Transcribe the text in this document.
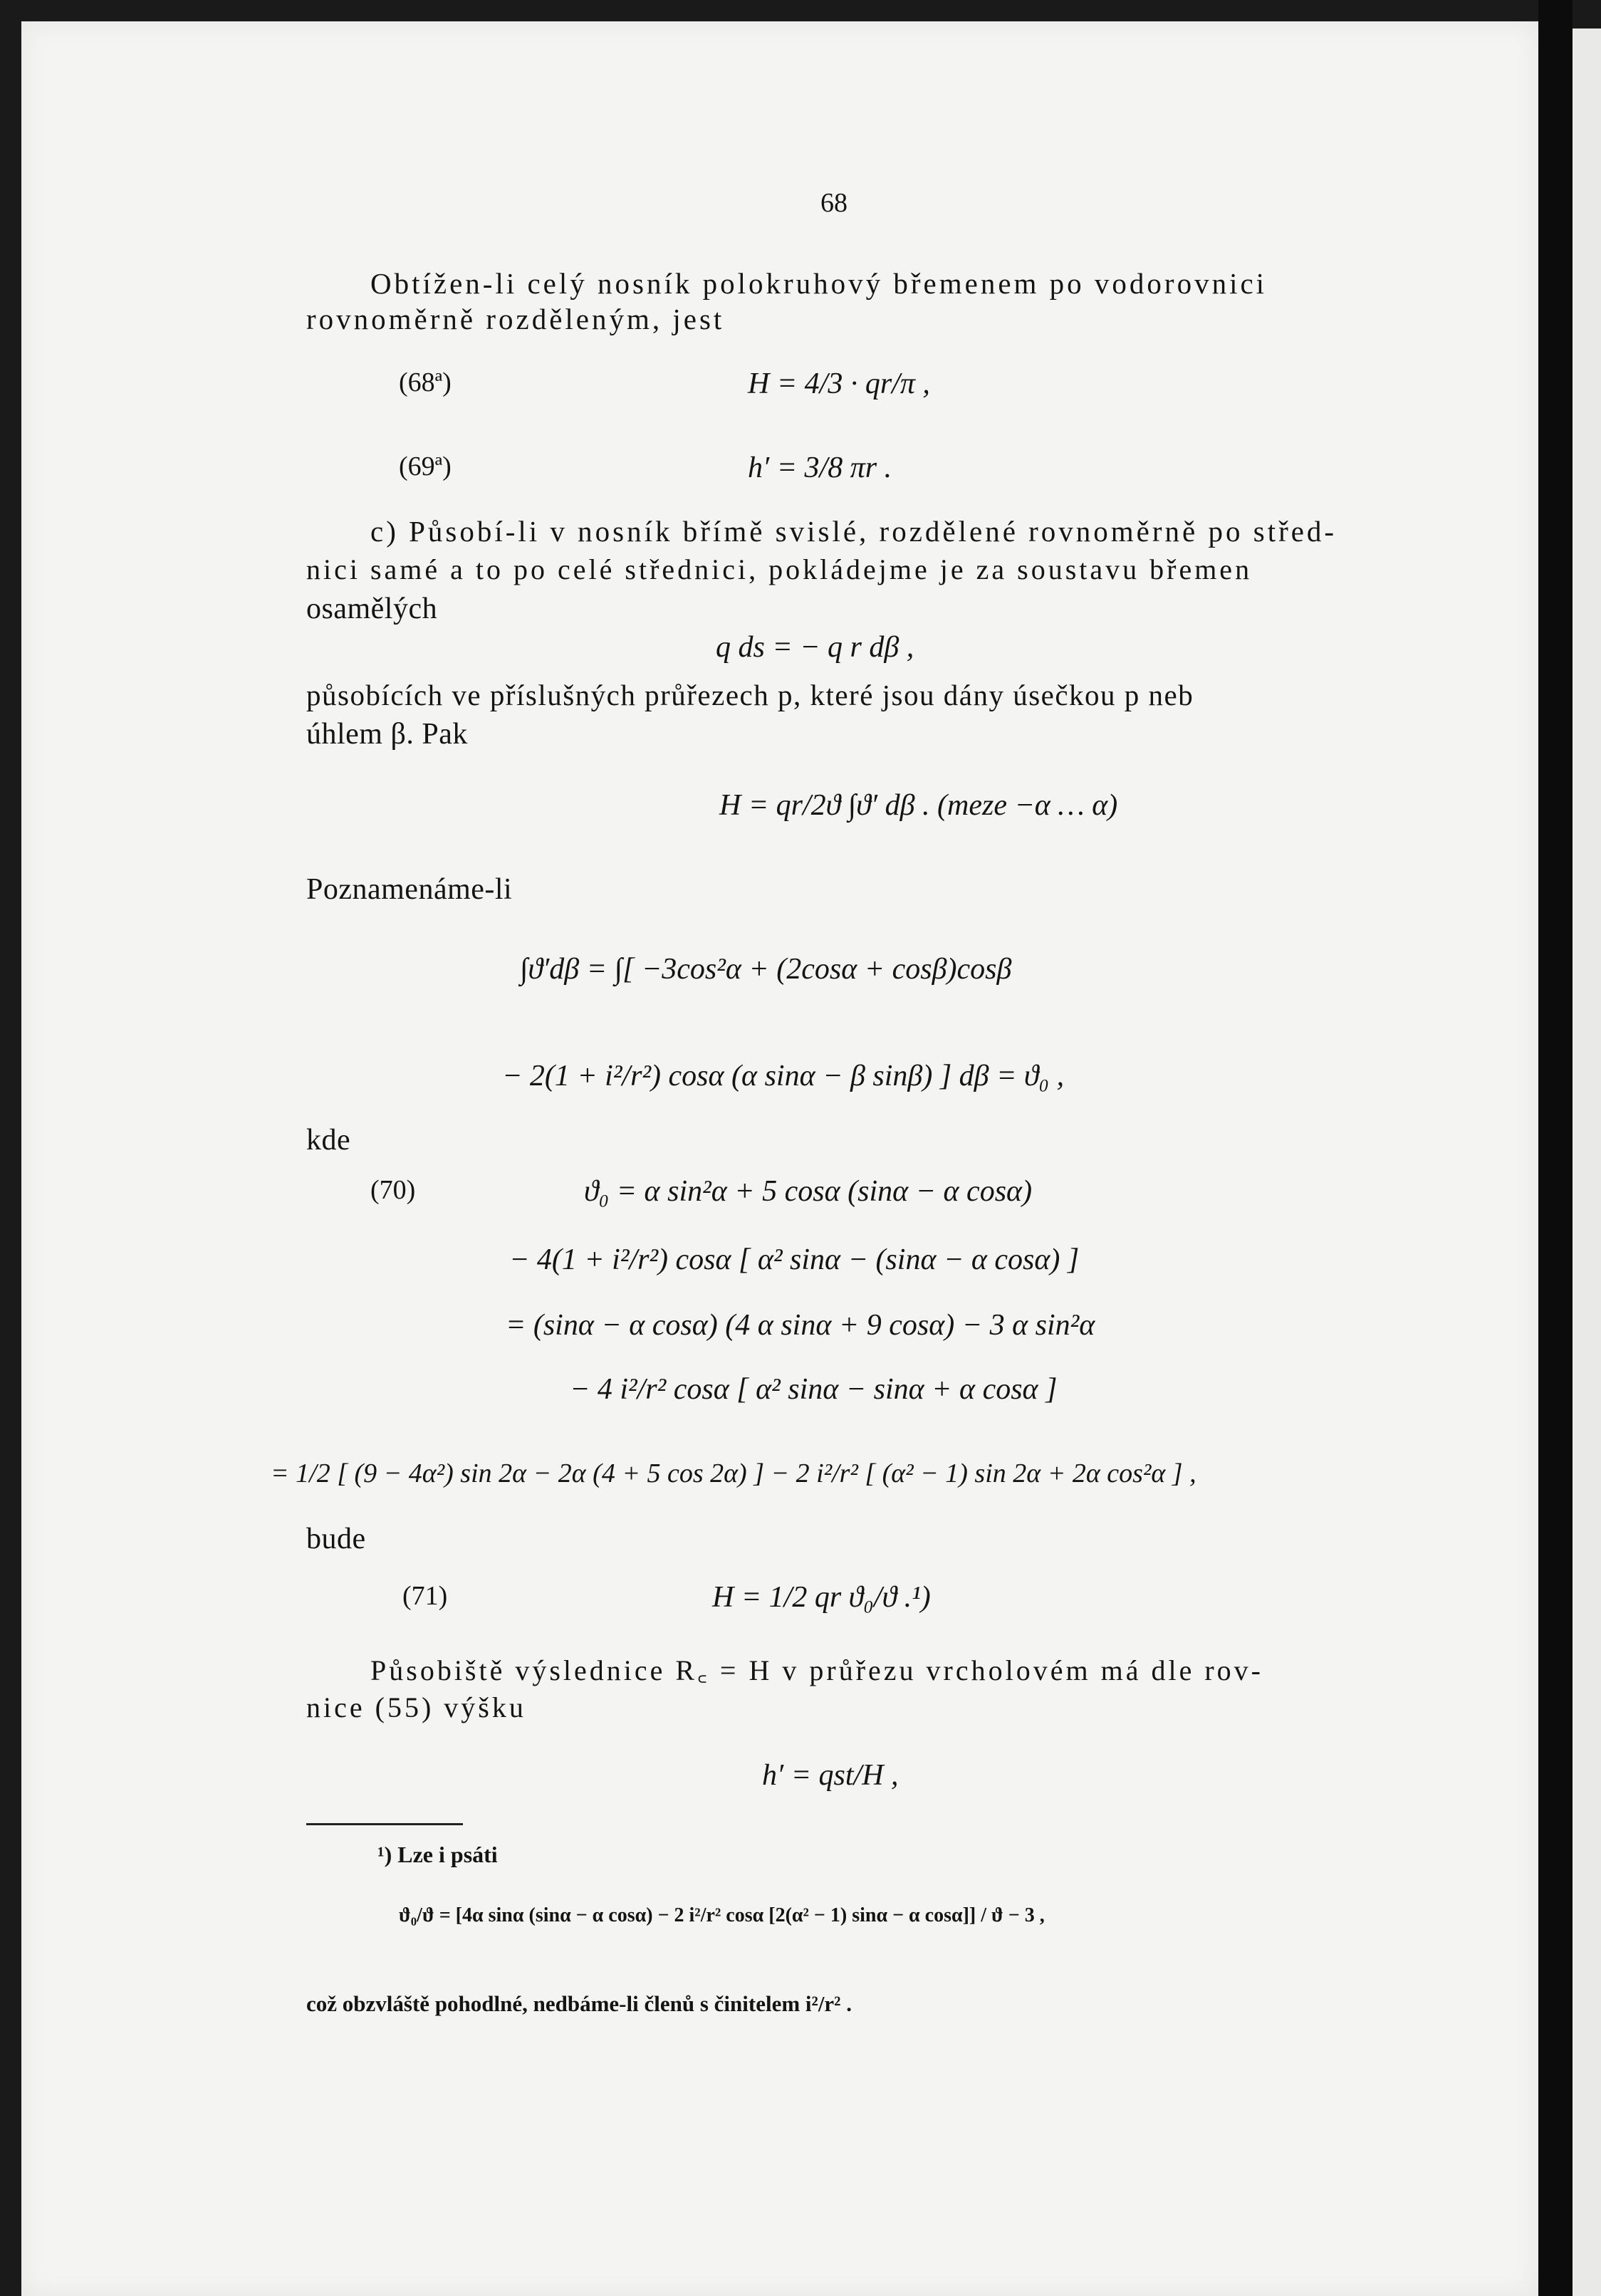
68
Obtížen-li celý nosník polokruhový břemenem po vodorovnici
rovnoměrně rozděleným, jest
(68ª)	H = 4/3 · qr/π ,
(69ª)	h′ = 3/8 πr .
c) Působí-li v nosník břímě svislé, rozdělené rovnoměrně po střed-
nici samé a to po celé střednici, pokládejme je za soustavu břemen
osamělých
q ds = − q r dβ ,
působících ve příslušných průřezech p, které jsou dány úsečkou p neb
úhlem β. Pak
H = qr/2ϑ ∫ϑ′ dβ . (meze −α … α)
Poznamenáme-li
∫ϑ′dβ = ∫[ −3cos²α + (2cosα + cosβ)cosβ
− 2(1 + i²/r²) cosα (α sinα − β sinβ) ] dβ = ϑ₀ ,
kde
(70)	ϑ₀ = α sin²α + 5 cosα (sinα − α cosα)
− 4(1 + i²/r²) cosα [ α² sinα − (sinα − α cosα) ]
= (sinα − α cosα) (4 α sinα + 9 cosα) − 3 α sin²α
− 4 i²/r² cosα [ α² sinα − sinα + α cosα ]
= 1/2 [ (9 − 4α²) sin 2α − 2α (4 + 5 cos 2α) ] − 2 i²/r² [ (α² − 1) sin 2α + 2α cos²α ] ,
bude
(71)	H = 1/2 qr ϑ₀/ϑ .¹)
Působiště výslednice R꜀ = H v průřezu vrcholovém má dle rov-
nice (55) výšku
h′ = qst/H ,
¹) Lze i psáti
ϑ₀/ϑ = [4α sinα (sinα − α cosα) − 2 i²/r² cosα [2(α² − 1) sinα − α cosα]] / ϑ − 3 ,
což obzvláště pohodlné, nedbáme-li členů s činitelem i²/r² .
